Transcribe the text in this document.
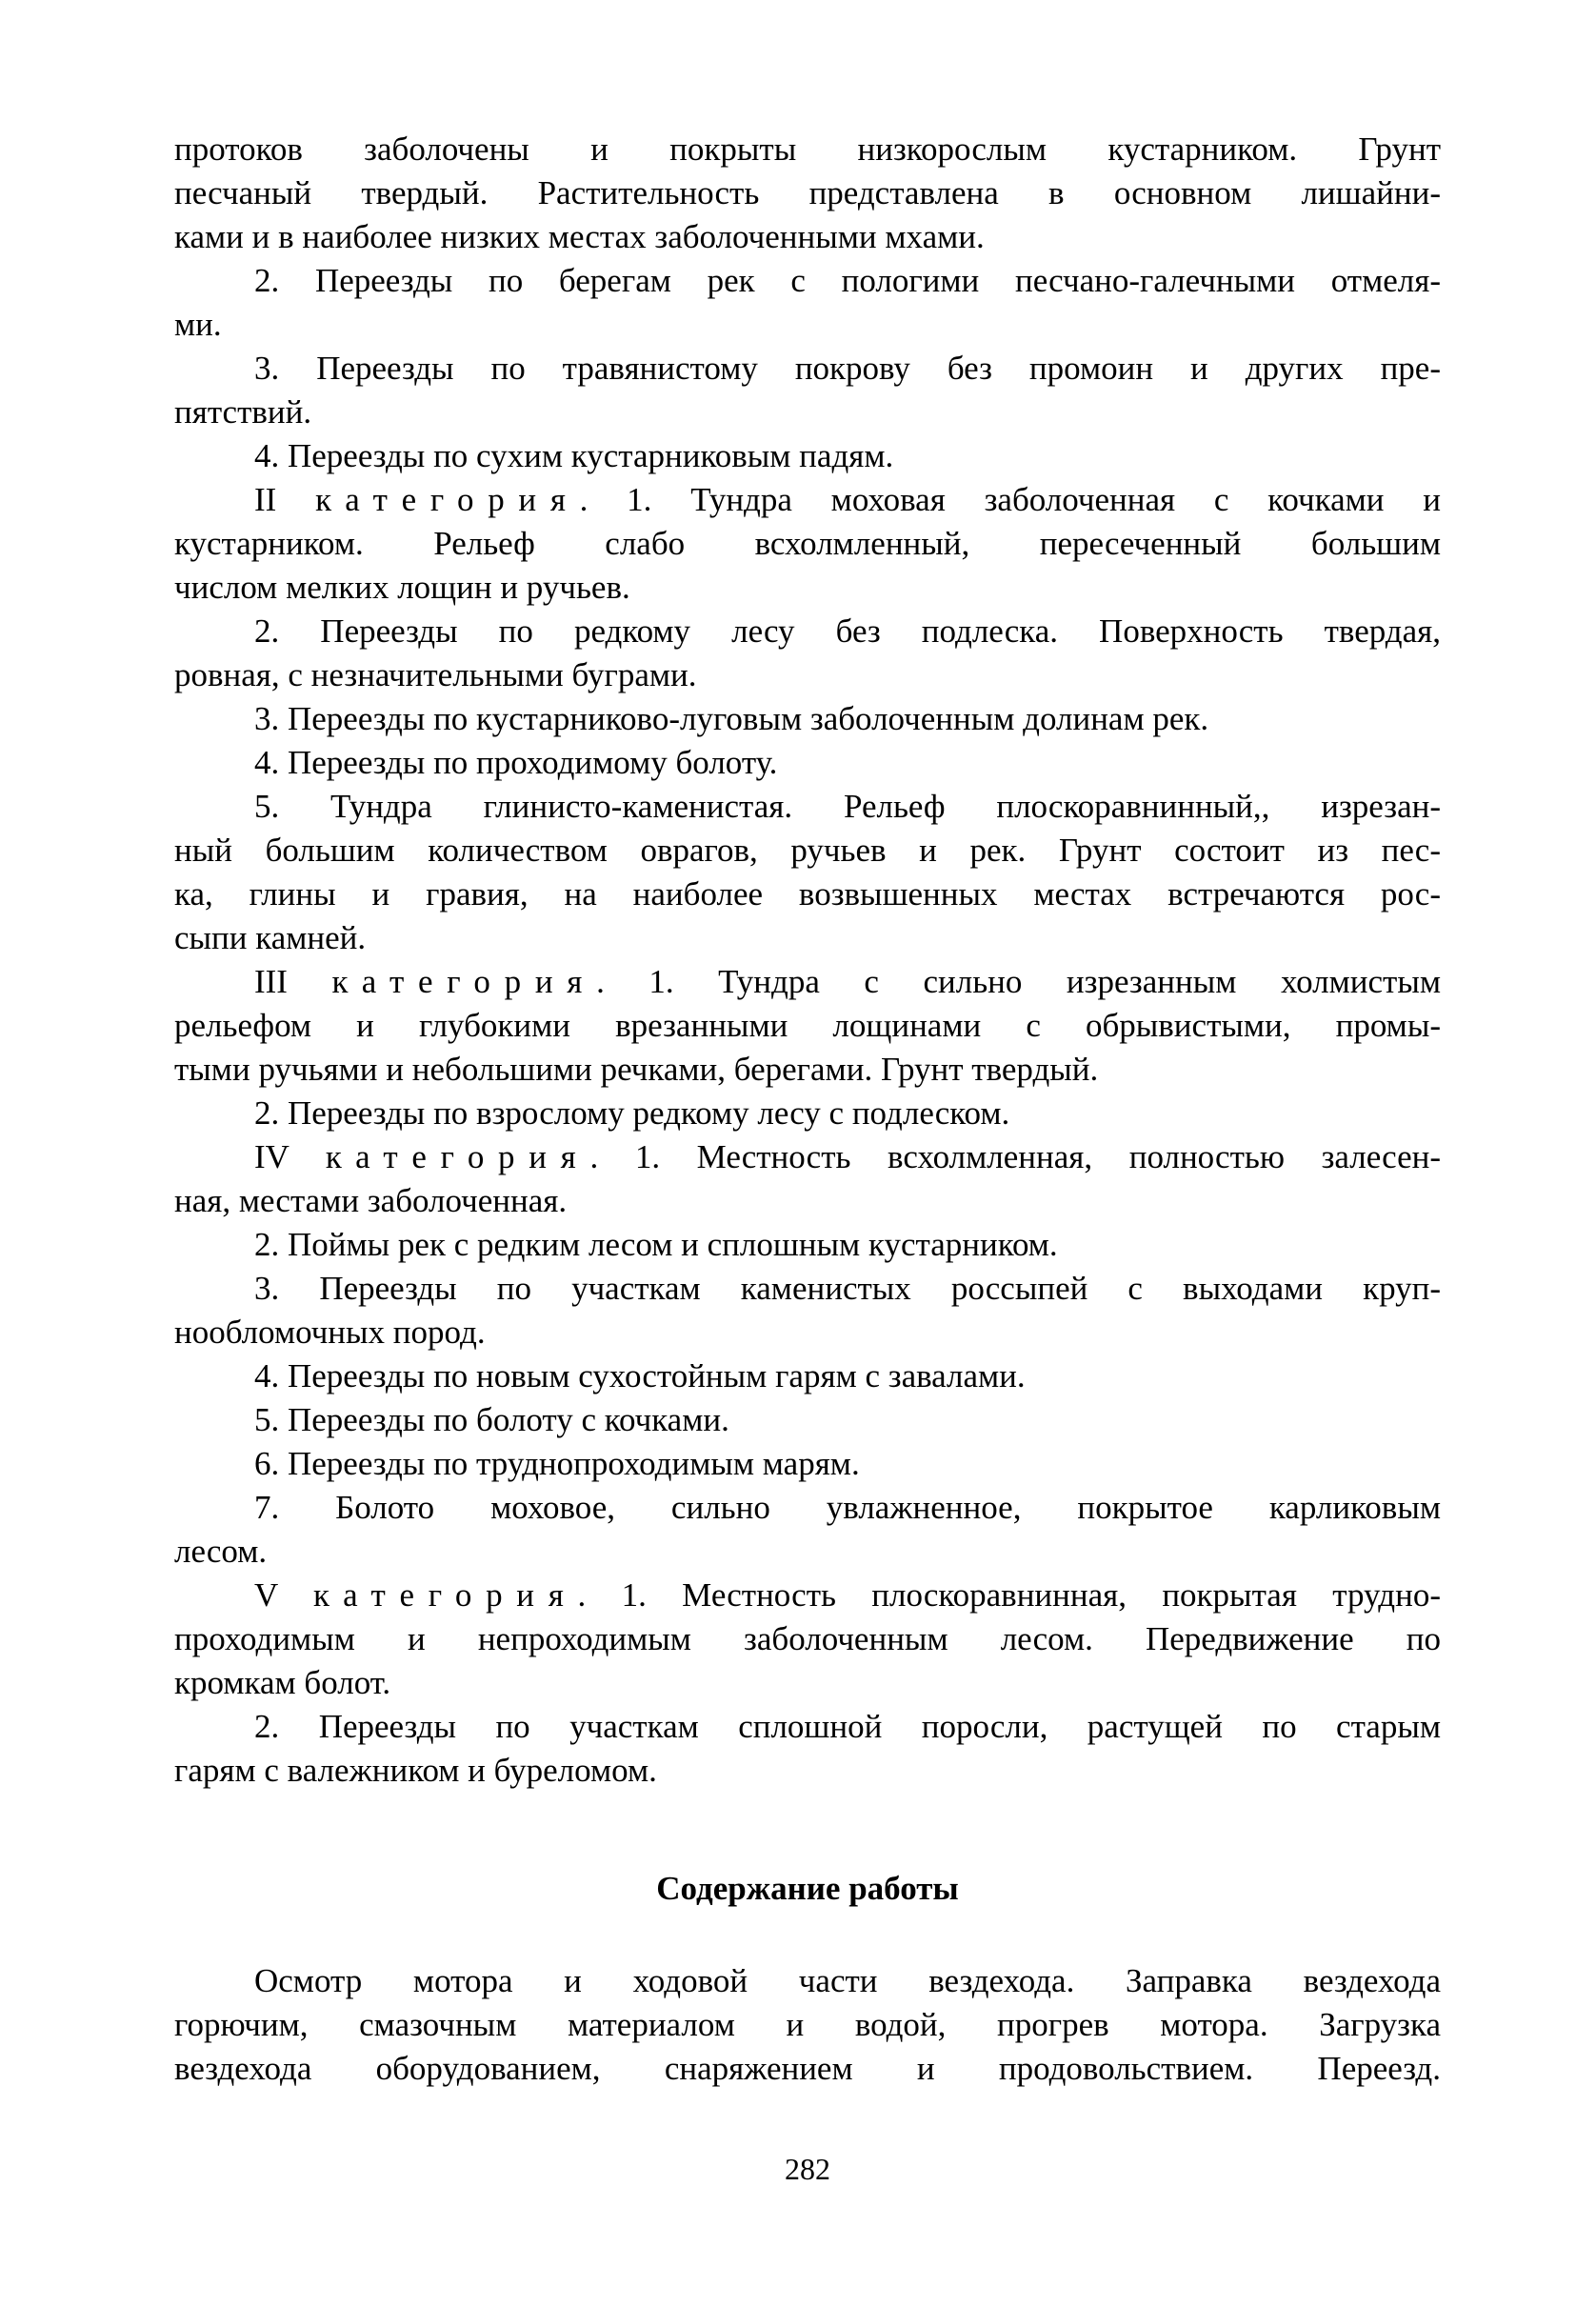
протоков заболочены и покрыты низкорослым кустарником. Грунт
песчаный твердый. Растительность представлена в основном лишайни-
ками и в наиболее низких местах заболоченными мхами.
2. Переезды по берегам рек с пологими песчано-галечными отмеля-
ми.
3. Переезды по травянистому покрову без промоин и других пре-
пятствий.
4. Переезды по сухим кустарниковым падям.
II категория. 1. Тундра моховая заболоченная с кочками и
кустарником. Рельеф слабо всхолмленный, пересеченный большим
числом мелких лощин и ручьев.
2. Переезды по редкому лесу без подлеска. Поверхность твердая,
ровная, с незначительными буграми.
3. Переезды по кустарниково-луговым заболоченным долинам рек.
4. Переезды по проходимому болоту.
5. Тундра глинисто-каменистая. Рельеф плоскоравнинный,, изрезан-
ный большим количеством оврагов, ручьев и рек. Грунт состоит из пес-
ка, глины и гравия, на наиболее возвышенных местах встречаются рос-
сыпи камней.
III категория. 1. Тундра с сильно изрезанным холмистым
рельефом и глубокими врезанными лощинами с обрывистыми, промы-
тыми ручьями и небольшими речками, берегами. Грунт твердый.
2. Переезды по взрослому редкому лесу с подлеском.
IV категория. 1. Местность всхолмленная, полностью залесен-
ная, местами заболоченная.
2. Поймы рек с редким лесом и сплошным кустарником.
3. Переезды по участкам каменистых россыпей с выходами круп-
нообломочных пород.
4. Переезды по новым сухостойным гарям с завалами.
5. Переезды по болоту с кочками.
6. Переезды по труднопроходимым марям.
7. Болото моховое, сильно увлажненное, покрытое карликовым
лесом.
V категория. 1. Местность плоскоравнинная, покрытая трудно-
проходимым и непроходимым заболоченным лесом. Передвижение по
кромкам болот.
2. Переезды по участкам сплошной поросли, растущей по старым
гарям с валежником и буреломом.
Содержание работы
Осмотр мотора и ходовой части вездехода. Заправка вездехода
горючим, смазочным материалом и водой, прогрев мотора. Загрузка
вездехода оборудованием, снаряжением и продовольствием. Переезд.
282
